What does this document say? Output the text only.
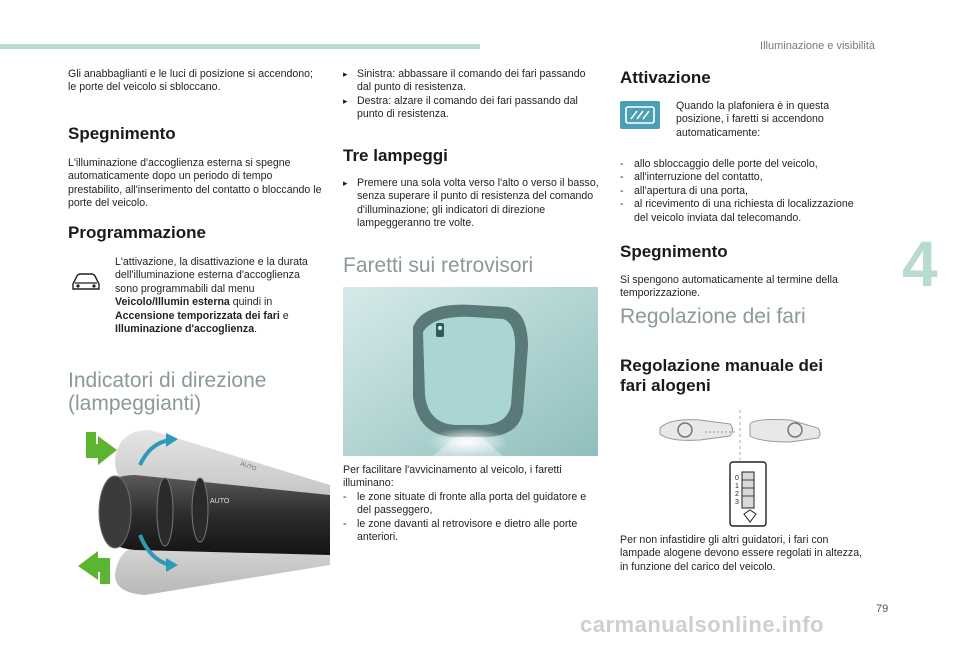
Illuminazione e visibilità
4
79

Gli anabbaglianti e le luci di posizione si accendono; le porte del veicolo si sbloccano.

Spegnimento

L'illuminazione d'accoglienza esterna si spegne automaticamente dopo un periodo di tempo prestabilito, all'inserimento del contatto o bloccando le porte del veicolo.

Programmazione

L'attivazione, la disattivazione e la durata dell'illuminazione esterna d'accoglienza sono programmabili dal menu Veicolo/Illumin esterna quindi in Accensione temporizzata dei fari e Illuminazione d'accoglienza.

Indicatori di direzione
(lampeggianti)
AUTO
AUTO
▸ Sinistra: abbassare il comando dei fari passando dal punto di resistenza.
▸ Destra: alzare il comando dei fari passando dal punto di resistenza.
Tre lampeggi
▸ Premere una sola volta verso l'alto o verso il basso, senza superare il punto di resistenza del comando d'illuminazione; gli indicatori di direzione lampeggeranno tre volte.
Faretti sui retrovisori

Per facilitare l'avvicinamento al veicolo, i faretti illuminano:

- le zone situate di fronte alla porta del guidatore e del passeggero,
- le zone davanti al retrovisore e dietro alle porte anteriori.
Attivazione

Quando la plafoniera è in questa posizione, i faretti si accendono automaticamente:

- allo sbloccaggio delle porte del veicolo,
- all'interruzione del contatto,
- all'apertura di una porta,
- al ricevimento di una richiesta di localizzazione del veicolo inviata dal telecomando.
Spegnimento

Si spengono automaticamente al termine della temporizzazione.

Regolazione dei fari
Regolazione manuale dei
fari alogeni
0
1
2
3

Per non infastidire gli altri guidatori, i fari con lampade alogene devono essere regolati in altezza, in funzione del carico del veicolo.

carmanualsonline.info
